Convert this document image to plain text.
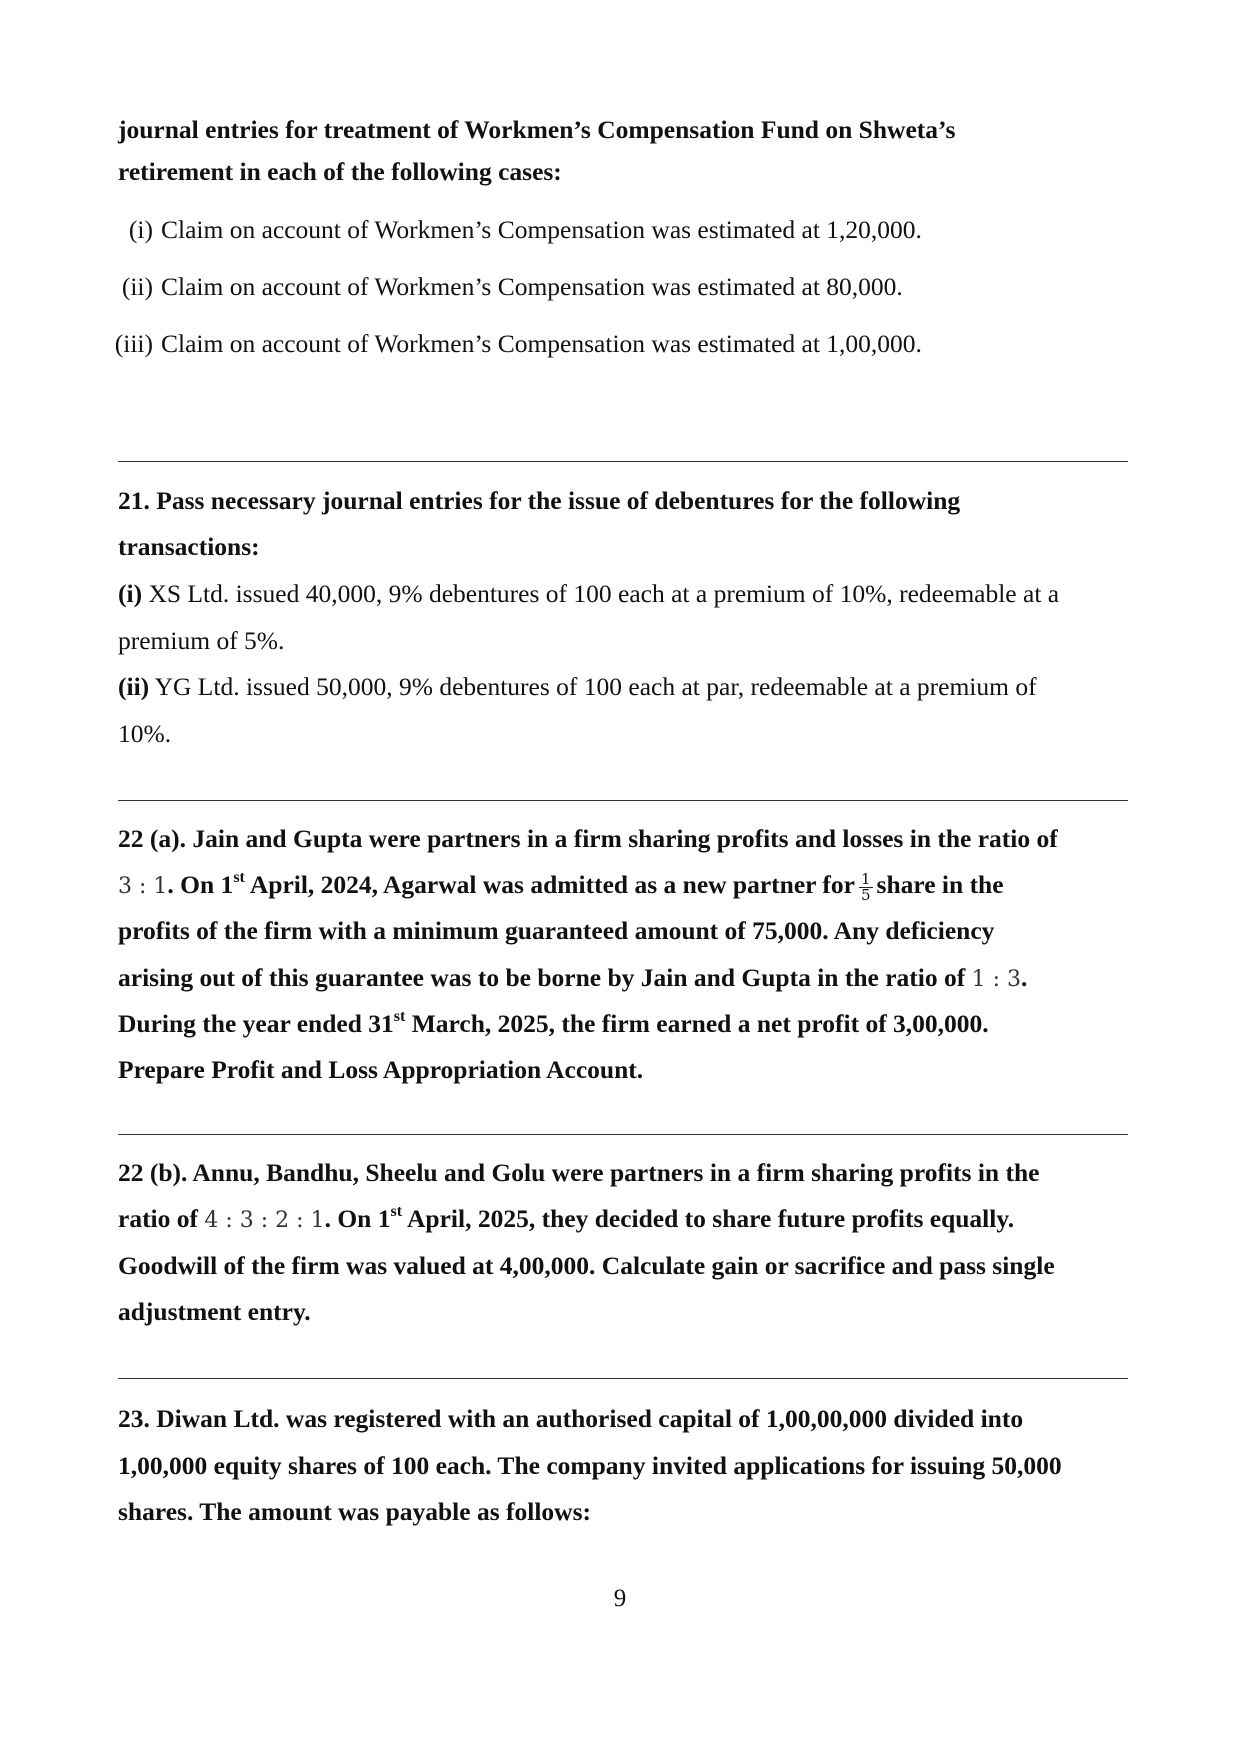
journal entries for treatment of Workmen’s Compensation Fund on Shweta’s
retirement in each of the following cases:
(i) Claim on account of Workmen’s Compensation was estimated at 1,20,000.
(ii) Claim on account of Workmen’s Compensation was estimated at 80,000.
(iii) Claim on account of Workmen’s Compensation was estimated at 1,00,000.
21. Pass necessary journal entries for the issue of debentures for the following
transactions:
(i) XS Ltd. issued 40,000, 9% debentures of 100 each at a premium of 10%, redeemable at a
premium of 5%.
(ii) YG Ltd. issued 50,000, 9% debentures of 100 each at par, redeemable at a premium of
10%.
22 (a). Jain and Gupta were partners in a firm sharing profits and losses in the ratio of
3 : 1. On 1st April, 2024, Agarwal was admitted as a new partner for $\frac{1}{5}$ share in the
profits of the firm with a minimum guaranteed amount of 75,000. Any deficiency
arising out of this guarantee was to be borne by Jain and Gupta in the ratio of 1 : 3.
During the year ended 31st March, 2025, the firm earned a net profit of 3,00,000.
Prepare Profit and Loss Appropriation Account.
22 (b). Annu, Bandhu, Sheelu and Golu were partners in a firm sharing profits in the
ratio of 4 : 3 : 2 : 1. On 1st April, 2025, they decided to share future profits equally.
Goodwill of the firm was valued at 4,00,000. Calculate gain or sacrifice and pass single
adjustment entry.
23. Diwan Ltd. was registered with an authorised capital of 1,00,00,000 divided into
1,00,000 equity shares of 100 each. The company invited applications for issuing 50,000
shares. The amount was payable as follows:
9
